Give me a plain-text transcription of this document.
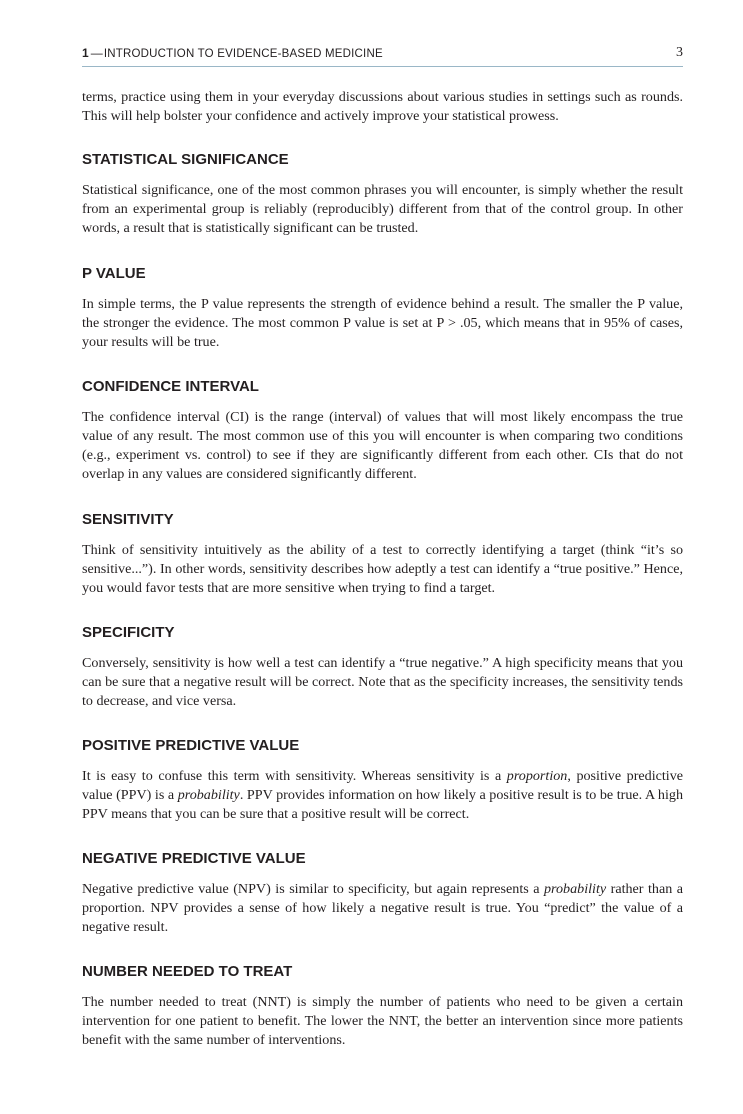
1 —INTRODUCTION TO EVIDENCE-BASED MEDICINE	3

terms, practice using them in your everyday discussions about various studies in settings such as rounds. This will help bolster your confidence and actively improve your statistical prowess.

STATISTICAL SIGNIFICANCE

Statistical significance, one of the most common phrases you will encounter, is simply whether the result from an experimental group is reliably (reproducibly) different from that of the control group. In other words, a result that is statistically significant can be trusted.

P VALUE

In simple terms, the P value represents the strength of evidence behind a result. The smaller the P value, the stronger the evidence. The most common P value is set at P > .05, which means that in 95% of cases, your results will be true.

CONFIDENCE INTERVAL

The confidence interval (CI) is the range (interval) of values that will most likely encompass the true value of any result. The most common use of this you will encounter is when comparing two conditions (e.g., experiment vs. control) to see if they are significantly different from each other. CIs that do not overlap in any values are considered significantly different.

SENSITIVITY

Think of sensitivity intuitively as the ability of a test to correctly identifying a target (think “it’s so sensitive...”). In other words, sensitivity describes how adeptly a test can identify a “true positive.” Hence, you would favor tests that are more sensitive when trying to find a target.

SPECIFICITY

Conversely, sensitivity is how well a test can identify a “true negative.” A high specificity means that you can be sure that a negative result will be correct. Note that as the specificity increases, the sensitivity tends to decrease, and vice versa.

POSITIVE PREDICTIVE VALUE

It is easy to confuse this term with sensitivity. Whereas sensitivity is a proportion, positive predictive value (PPV) is a probability. PPV provides information on how likely a positive result is to be true. A high PPV means that you can be sure that a positive result will be correct.

NEGATIVE PREDICTIVE VALUE

Negative predictive value (NPV) is similar to specificity, but again represents a probability rather than a proportion. NPV provides a sense of how likely a negative result is true. You “predict” the value of a negative result.

NUMBER NEEDED TO TREAT

The number needed to treat (NNT) is simply the number of patients who need to be given a certain intervention for one patient to benefit. The lower the NNT, the better an intervention since more patients benefit with the same number of interventions.
